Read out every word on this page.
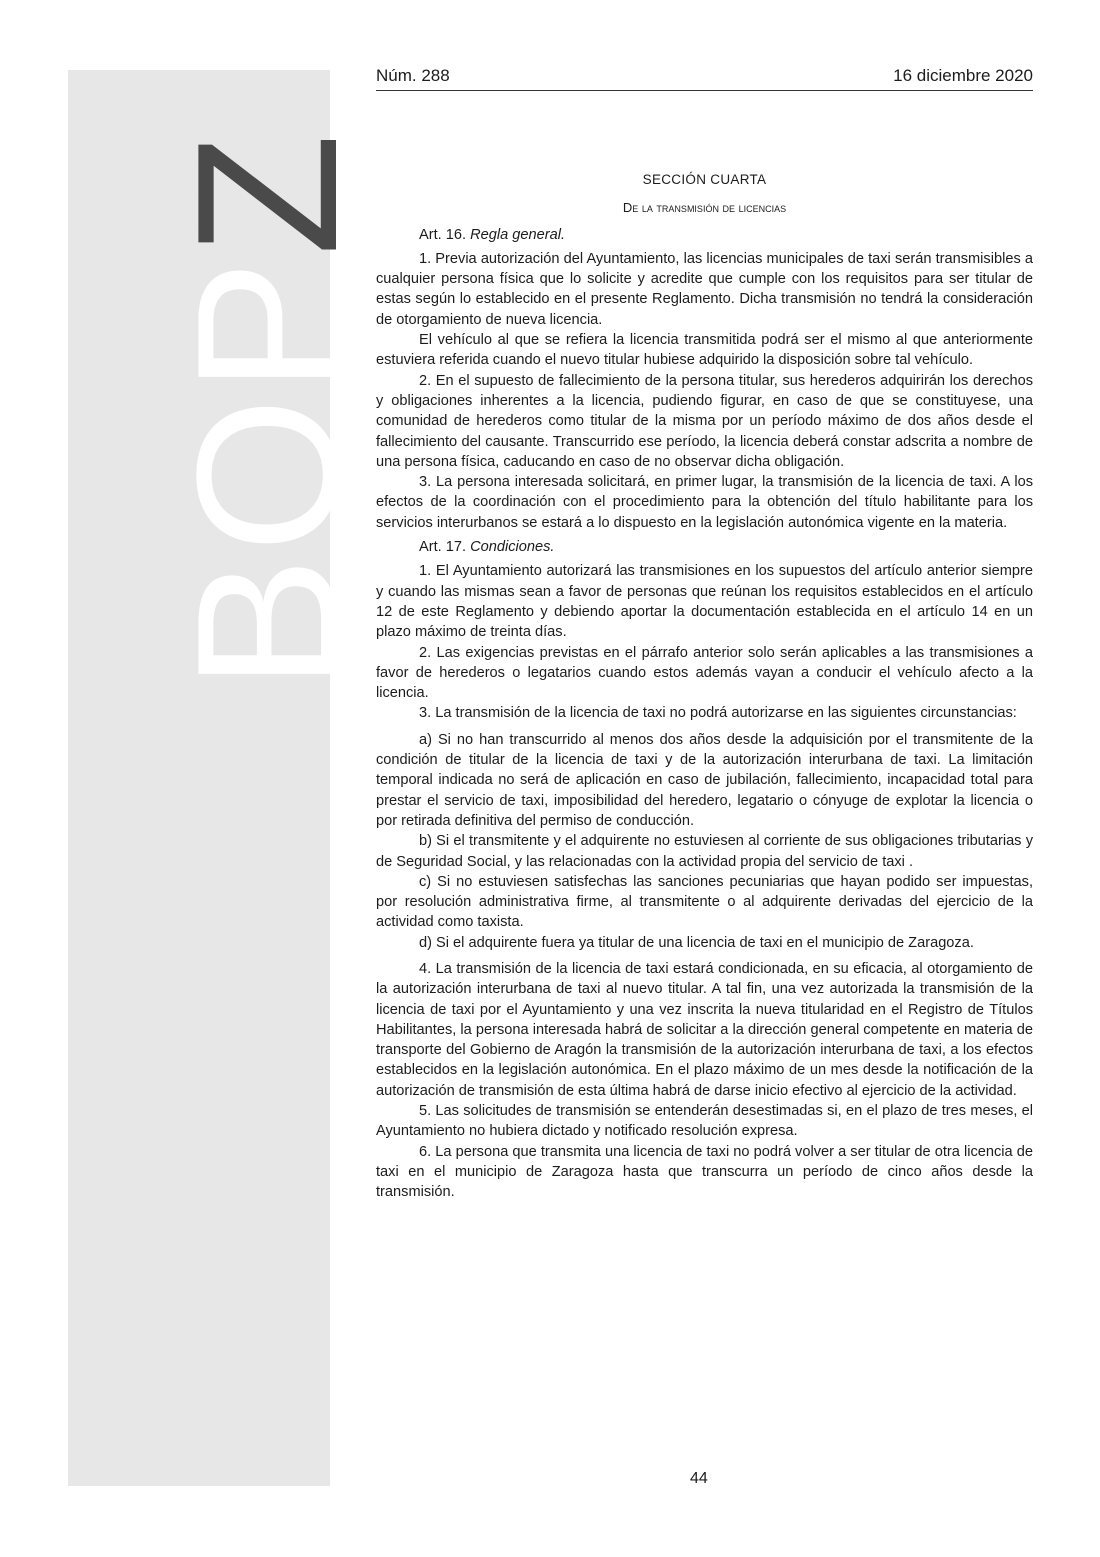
BOPZ
Núm. 288	16 diciembre 2020
SECCIÓN CUARTA
De la transmisión de licencias

Art. 16. Regla general.

1. Previa autorización del Ayuntamiento, las licencias municipales de taxi serán transmisibles a cualquier persona física que lo solicite y acredite que cumple con los requisitos para ser titular de estas según lo establecido en el presente Reglamento. Dicha transmisión no tendrá la consideración de otorgamiento de nueva licencia.

El vehículo al que se refiera la licencia transmitida podrá ser el mismo al que anteriormente estuviera referida cuando el nuevo titular hubiese adquirido la disposición sobre tal vehículo.

2. En el supuesto de fallecimiento de la persona titular, sus herederos adquirirán los derechos y obligaciones inherentes a la licencia, pudiendo figurar, en caso de que se constituyese, una comunidad de herederos como titular de la misma por un período máximo de dos años desde el fallecimiento del causante. Transcurrido ese período, la licencia deberá constar adscrita a nombre de una persona física, caducando en caso de no observar dicha obligación.

3. La persona interesada solicitará, en primer lugar, la transmisión de la licencia de taxi. A los efectos de la coordinación con el procedimiento para la obtención del título habilitante para los servicios interurbanos se estará a lo dispuesto en la legislación autonómica vigente en la materia.

Art. 17. Condiciones.

1. El Ayuntamiento autorizará las transmisiones en los supuestos del artículo anterior siempre y cuando las mismas sean a favor de personas que reúnan los requisitos establecidos en el artículo 12 de este Reglamento y debiendo aportar la documentación establecida en el artículo 14 en un plazo máximo de treinta días.

2. Las exigencias previstas en el párrafo anterior solo serán aplicables a las transmisiones a favor de herederos o legatarios cuando estos además vayan a conducir el vehículo afecto a la licencia.

3. La transmisión de la licencia de taxi no podrá autorizarse en las siguientes circunstancias:

a) Si no han transcurrido al menos dos años desde la adquisición por el transmitente de la condición de titular de la licencia de taxi y de la autorización interurbana de taxi. La limitación temporal indicada no será de aplicación en caso de jubilación, fallecimiento, incapacidad total para prestar el servicio de taxi, imposibilidad del heredero, legatario o cónyuge de explotar la licencia o por retirada definitiva del permiso de conducción.

b) Si el transmitente y el adquirente no estuviesen al corriente de sus obligaciones tributarias y de Seguridad Social, y las relacionadas con la actividad propia del servicio de taxi .

c) Si no estuviesen satisfechas las sanciones pecuniarias que hayan podido ser impuestas, por resolución administrativa firme, al transmitente o al adquirente derivadas del ejercicio de la actividad como taxista.

d) Si el adquirente fuera ya titular de una licencia de taxi en el municipio de Zaragoza.

4. La transmisión de la licencia de taxi estará condicionada, en su eficacia, al otorgamiento de la autorización interurbana de taxi al nuevo titular. A tal fin, una vez autorizada la transmisión de la licencia de taxi por el Ayuntamiento y una vez inscrita la nueva titularidad en el Registro de Títulos Habilitantes, la persona interesada habrá de solicitar a la dirección general competente en materia de transporte del Gobierno de Aragón la transmisión de la autorización interurbana de taxi, a los efectos establecidos en la legislación autonómica. En el plazo máximo de un mes desde la notificación de la autorización de transmisión de esta última habrá de darse inicio efectivo al ejercicio de la actividad.

5. Las solicitudes de transmisión se entenderán desestimadas si, en el plazo de tres meses, el Ayuntamiento no hubiera dictado y notificado resolución expresa.

6. La persona que transmita una licencia de taxi no podrá volver a ser titular de otra licencia de taxi en el municipio de Zaragoza hasta que transcurra un período de cinco años desde la transmisión.

44
